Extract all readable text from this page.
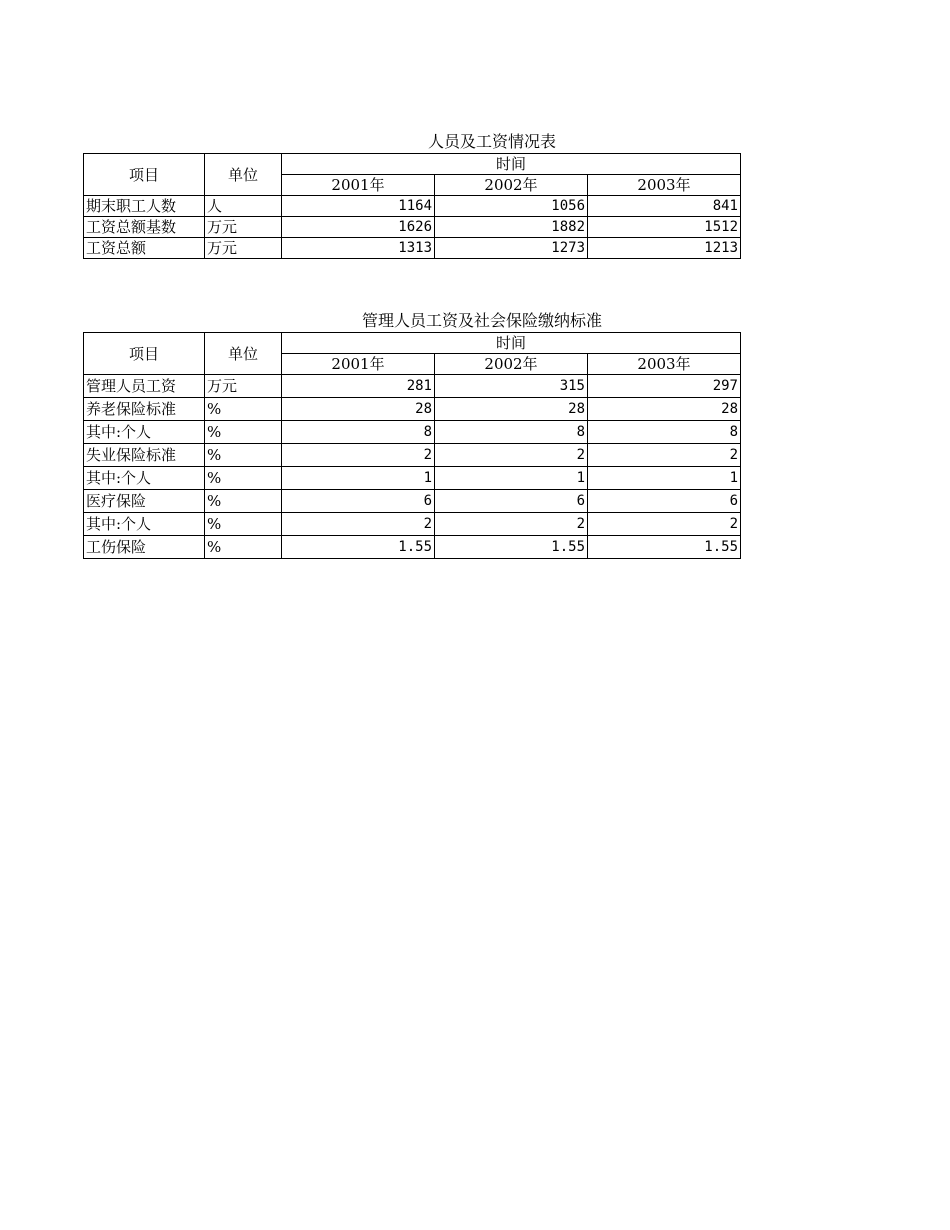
人员及工资情况表
项目	单位	时间		
		2001年	2002年	2003年
期末职工人数	人	1164	1056	841
工资总额基数	万元	1626	1882	1512
工资总额	万元	1313	1273	1213
管理人员工资及社会保险缴纳标准
项目	单位	时间		
		2001年	2002年	2003年
管理人员工资	万元	281	315	297
养老保险标准	%	28	28	28
其中:个人	%	8	8	8
失业保险标准	%	2	2	2
其中:个人	%	1	1	1
医疗保险	%	6	6	6
其中:个人	%	2	2	2
工伤保险	%	1.55	1.55	1.55
